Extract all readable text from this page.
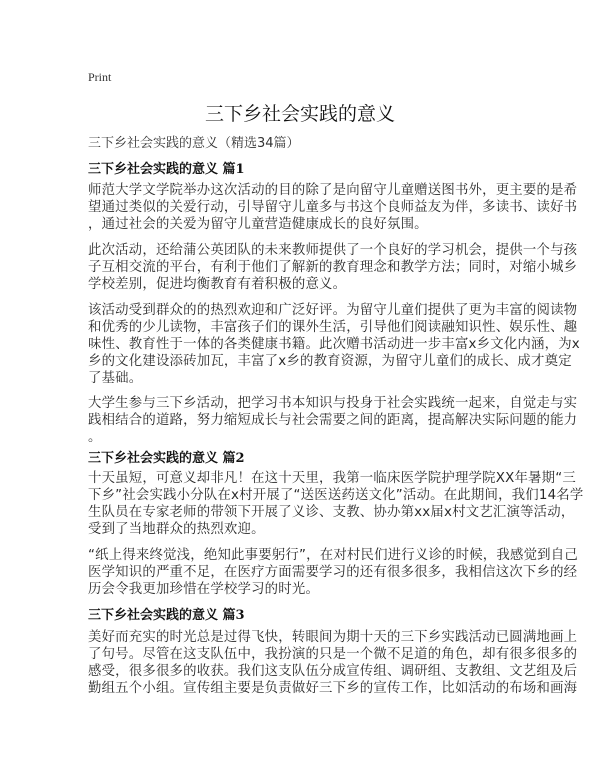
Print
三下乡社会实践的意义
三下乡社会实践的意义（精选34篇）
三下乡社会实践的意义 篇1
师范大学文学院举办这次活动的目的除了是向留守儿童赠送图书外，更主要的是希
望通过类似的关爱行动，引导留守儿童多与书这个良师益友为伴，多读书、读好书
，通过社会的关爱为留守儿童营造健康成长的良好氛围。
此次活动，还给蒲公英团队的未来教师提供了一个良好的学习机会，提供一个与孩
子互相交流的平台，有利于他们了解新的教育理念和教学方法；同时，对缩小城乡
学校差别，促进均衡教育有着积极的意义。
该活动受到群众的的热烈欢迎和广泛好评。为留守儿童们提供了更为丰富的阅读物
和优秀的少儿读物，丰富孩子们的课外生活，引导他们阅读融知识性、娱乐性、趣
味性、教育性于一体的各类健康书籍。此次赠书活动进一步丰富x乡文化内涵，为x
乡的文化建设添砖加瓦，丰富了x乡的教育资源，为留守儿童们的成长、成才奠定
了基础。
大学生参与三下乡活动，把学习书本知识与投身于社会实践统一起来，自觉走与实
践相结合的道路，努力缩短成长与社会需要之间的距离，提高解决实际问题的能力
。
三下乡社会实践的意义 篇2
十天虽短，可意义却非凡！在这十天里，我第一临床医学院护理学院XX年暑期“三
下乡”社会实践小分队在x村开展了“送医送药送文化”活动。在此期间，我们14名学
生队员在专家老师的带领下开展了义诊、支教、协办第xx届x村文艺汇演等活动，
受到了当地群众的热烈欢迎。
“纸上得来终觉浅，绝知此事要躬行”，在对村民们进行义诊的时候，我感觉到自己
医学知识的严重不足，在医疗方面需要学习的还有很多很多，我相信这次下乡的经
历会令我更加珍惜在学校学习的时光。
三下乡社会实践的意义 篇3
美好而充实的时光总是过得飞快，转眼间为期十天的三下乡实践活动已圆满地画上
了句号。尽管在这支队伍中，我扮演的只是一个微不足道的角色，却有很多很多的
感受，很多很多的收获。我们这支队伍分成宣传组、调研组、支教组、文艺组及后
勤组五个小组。宣传组主要是负责做好三下乡的宣传工作，比如活动的布场和画海
